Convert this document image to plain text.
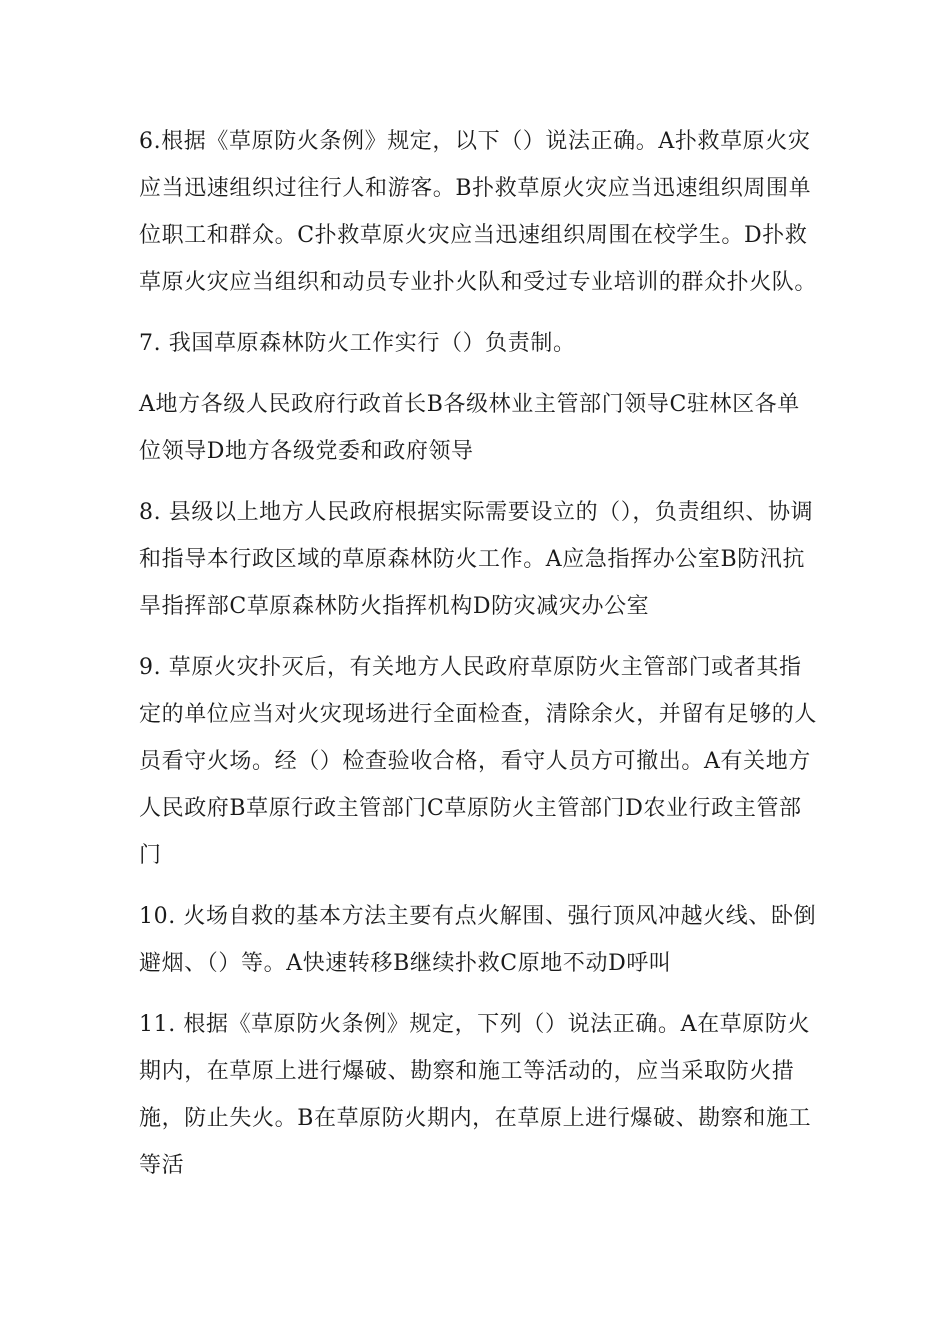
6.根据《草原防火条例》规定，以下（）说法正确。A扑救草原火灾应当迅速组织过往行人和游客。B扑救草原火灾应当迅速组织周围单位职工和群众。C扑救草原火灾应当迅速组织周围在校学生。D扑救草原火灾应当组织和动员专业扑火队和受过专业培训的群众扑火队。

7. 我国草原森林防火工作实行（）负责制。

A地方各级人民政府行政首长B各级林业主管部门领导C驻林区各单位领导D地方各级党委和政府领导

8. 县级以上地方人民政府根据实际需要设立的（），负责组织、协调和指导本行政区域的草原森林防火工作。A应急指挥办公室B防汛抗旱指挥部C草原森林防火指挥机构D防灾减灾办公室

9. 草原火灾扑灭后，有关地方人民政府草原防火主管部门或者其指定的单位应当对火灾现场进行全面检查，清除余火，并留有足够的人员看守火场。经（）检查验收合格，看守人员方可撤出。A有关地方人民政府B草原行政主管部门C草原防火主管部门D农业行政主管部门

10. 火场自救的基本方法主要有点火解围、强行顶风冲越火线、卧倒避烟、（）等。A快速转移B继续扑救C原地不动D呼叫

11. 根据《草原防火条例》规定，下列（）说法正确。A在草原防火期内，在草原上进行爆破、勘察和施工等活动的，应当采取防火措施，防止失火。B在草原防火期内，在草原上进行爆破、勘察和施工等活
